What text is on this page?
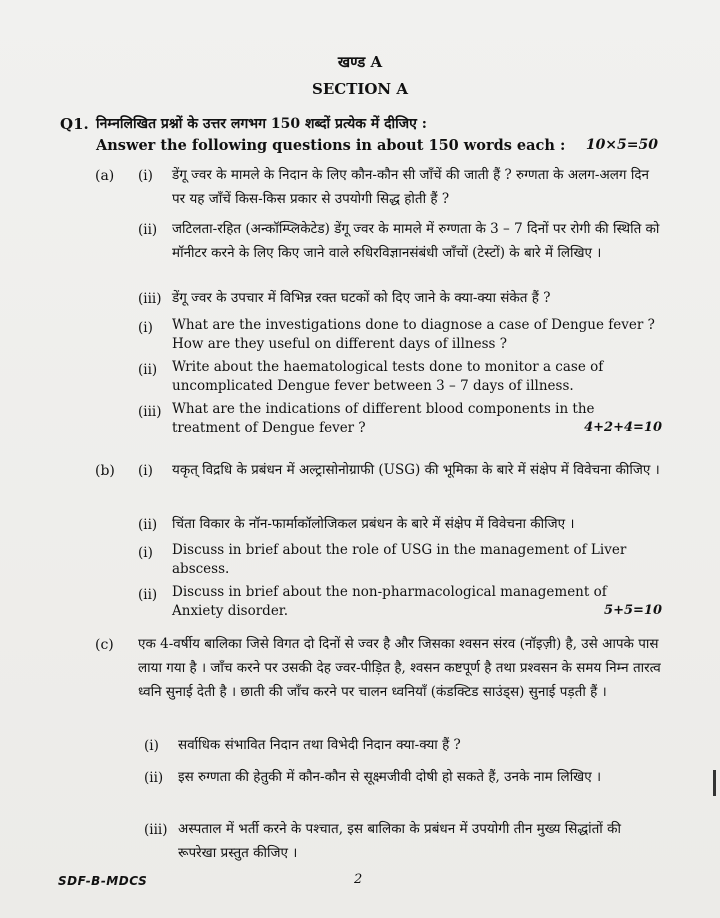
खण्ड A
SECTION A
Q1. निम्नलिखित प्रश्नों के उत्तर लगभग 150 शब्दों प्रत्येक में दीजिए :
Answer the following questions in about 150 words each : 10×5=50
(a)	(i)	डेंगू ज्वर के मामले के निदान के लिए कौन-कौन सी जाँचें की जाती हैं ? रुग्णता के अलग-अलग दिन पर यह जाँचें किस-किस प्रकार से उपयोगी सिद्ध होती हैं ?
(ii)	जटिलता-रहित (अन्कॉम्प्लिकेटेड) डेंगू ज्वर के मामले में रुग्णता के 3 – 7 दिनों पर रोगी की स्थिति को मॉनीटर करने के लिए किए जाने वाले रुधिरविज्ञानसंबंधी जाँचों (टेस्टों) के बारे में लिखिए ।
(iii) डेंगू ज्वर के उपचार में विभिन्न रक्त घटकों को दिए जाने के क्या-क्या संकेत हैं ?
(i)	What are the investigations done to diagnose a case of Dengue fever ? How are they useful on different days of illness ?
(ii)	Write about the haematological tests done to monitor a case of uncomplicated Dengue fever between 3 – 7 days of illness.
(iii) What are the indications of different blood components in the treatment of Dengue fever ?	4+2+4=10
(b)	(i)	यकृत् विद्रधि के प्रबंधन में अल्ट्रासोनोग्राफी (USG) की भूमिका के बारे में संक्षेप में विवेचना कीजिए ।
(ii)	चिंता विकार के नॉन-फार्माकॉलोजिकल प्रबंधन के बारे में संक्षेप में विवेचना कीजिए ।
(i)	Discuss in brief about the role of USG in the management of Liver abscess.
(ii)	Discuss in brief about the non-pharmacological management of Anxiety disorder.	5+5=10
(c)	एक 4-वर्षीय बालिका जिसे विगत दो दिनों से ज्वर है और जिसका श्वसन संरव (नॉइज़ी) है, उसे आपके पास लाया गया है । जाँच करने पर उसकी देह ज्वर-पीड़ित है, श्वसन कष्टपूर्ण है तथा प्रश्वसन के समय निम्न तारत्व ध्वनि सुनाई देती है । छाती की जाँच करने पर चालन ध्वनियाँ (कंडक्टिड साउंड्स) सुनाई पड़ती हैं ।
(i)	सर्वाधिक संभावित निदान तथा विभेदी निदान क्या-क्या हैं ?
(ii)	इस रुग्णता की हेतुकी में कौन-कौन से सूक्ष्मजीवी दोषी हो सकते हैं, उनके नाम लिखिए ।
(iii) अस्पताल में भर्ती करने के पश्चात, इस बालिका के प्रबंधन में उपयोगी तीन मुख्य सिद्धांतों की रूपरेखा प्रस्तुत कीजिए ।
SDF-B-MDCS	2
